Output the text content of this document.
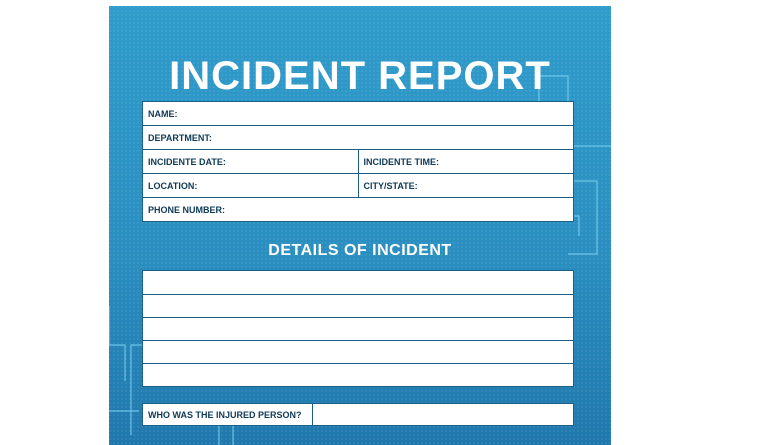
INCIDENT REPORT
NAME:	
DEPARTMENT:	
INCIDENTE DATE:	INCIDENTE TIME:
LOCATION:	CITY/STATE:
PHONE NUMBER:	
DETAILS OF INCIDENT
WHO WAS THE INJURED PERSON?
